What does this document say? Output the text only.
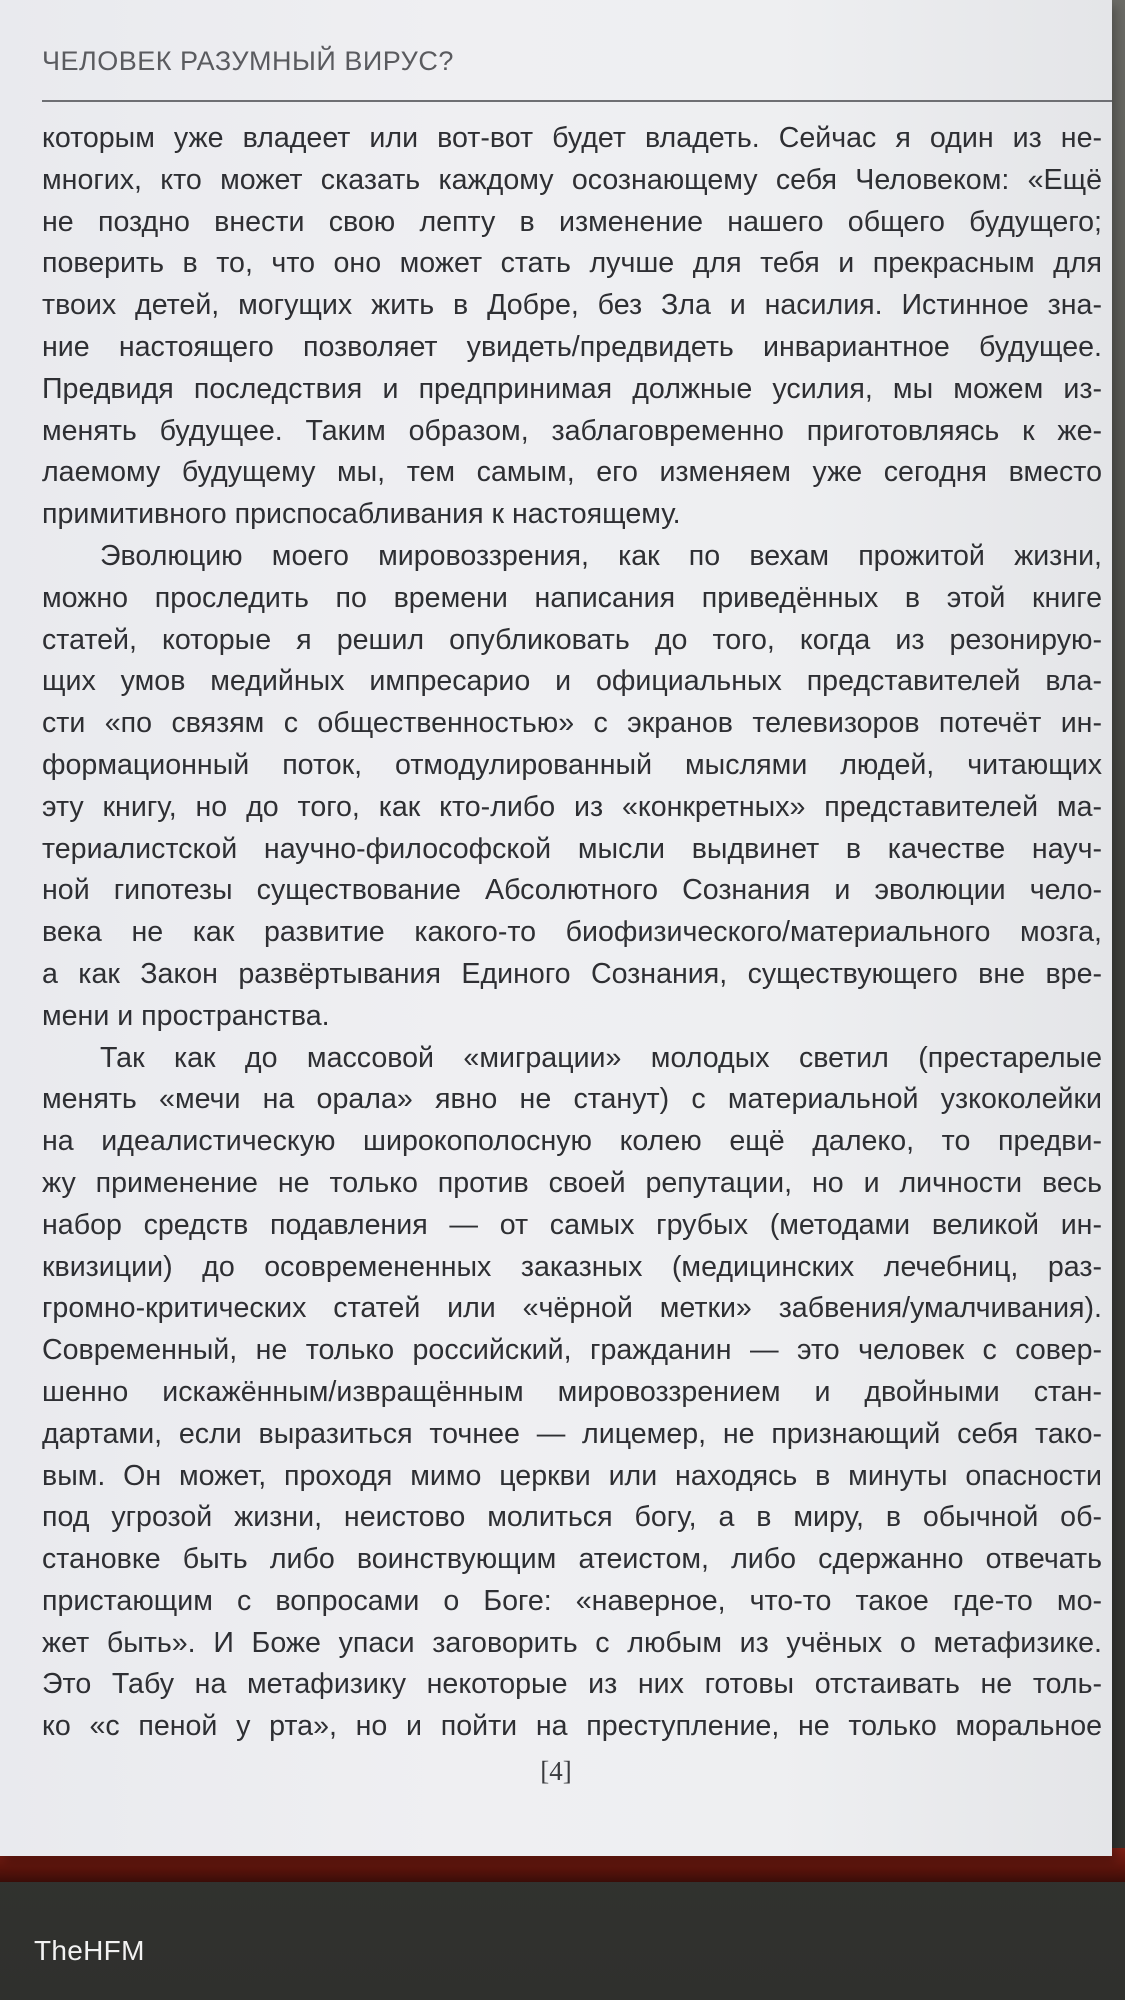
ЧЕЛОВЕК РАЗУМНЫЙ ВИРУС?
которым уже владеет или вот-вот будет владеть. Сейчас я один из не-
многих, кто может сказать каждому осознающему себя Человеком: «Ещё
не поздно внести свою лепту в изменение нашего общего будущего;
поверить в то, что оно может стать лучше для тебя и прекрасным для
твоих детей, могущих жить в Добре, без Зла и насилия. Истинное зна-
ние настоящего позволяет увидеть/предвидеть инвариантное будущее.
Предвидя последствия и предпринимая должные усилия, мы можем из-
менять будущее. Таким образом, заблаговременно приготовляясь к же-
лаемому будущему мы, тем самым, его изменяем уже сегодня вместо
примитивного приспосабливания к настоящему.
Эволюцию моего мировоззрения, как по вехам прожитой жизни,
можно проследить по времени написания приведённых в этой книге
статей, которые я решил опубликовать до того, когда из резонирую-
щих умов медийных импресарио и официальных представителей вла-
сти «по связям с общественностью» с экранов телевизоров потечёт ин-
формационный поток, отмодулированный мыслями людей, читающих
эту книгу, но до того, как кто-либо из «конкретных» представителей ма-
териалистской научно-философской мысли выдвинет в качестве науч-
ной гипотезы существование Абсолютного Сознания и эволюции чело-
века не как развитие какого-то биофизического/материального мозга,
а как Закон развёртывания Единого Сознания, существующего вне вре-
мени и пространства.
Так как до массовой «миграции» молодых светил (престарелые
менять «мечи на орала» явно не станут) с материальной узкоколейки
на идеалистическую широкополосную колею ещё далеко, то предви-
жу применение не только против своей репутации, но и личности весь
набор средств подавления — от самых грубых (методами великой ин-
квизиции) до осовремененных заказных (медицинских лечебниц, раз-
громно-критических статей или «чёрной метки» забвения/умалчивания).
Современный, не только российский, гражданин — это человек с совер-
шенно искажённым/извращённым мировоззрением и двойными стан-
дартами, если выразиться точнее — лицемер, не признающий себя тако-
вым. Он может, проходя мимо церкви или находясь в минуты опасности
под угрозой жизни, неистово молиться богу, а в миру, в обычной об-
становке быть либо воинствующим атеистом, либо сдержанно отвечать
пристающим с вопросами о Боге: «наверное, что-то такое где-то мо-
жет быть». И Боже упаси заговорить с любым из учёных о метафизике.
Это Табу на метафизику некоторые из них готовы отстаивать не толь-
ко «с пеной у рта», но и пойти на преступление, не только моральное
[4]
TheHFM
